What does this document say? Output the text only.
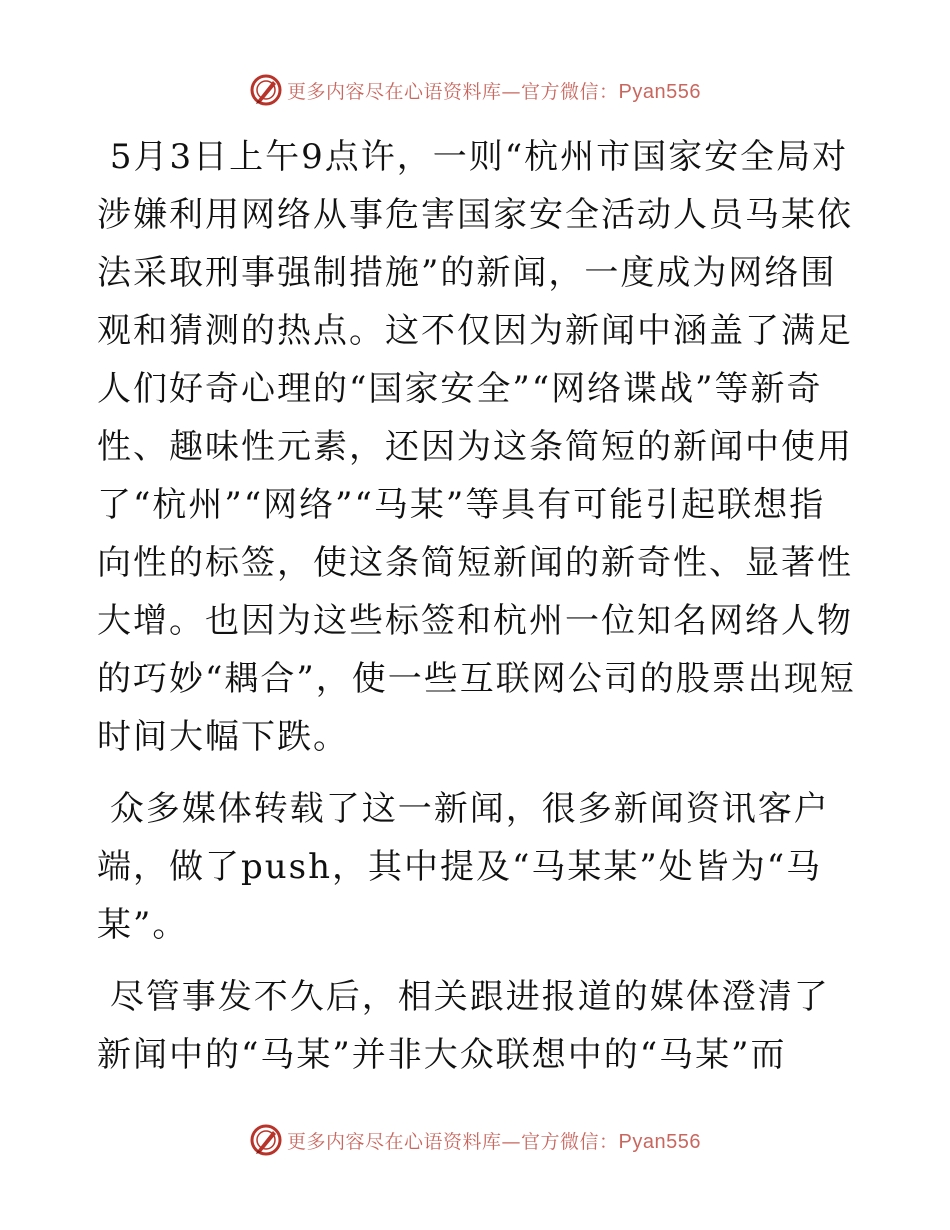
更多内容尽在心语资料库—官方微信：Pyan556

5月3日上午9点许，一则“杭州市国家安全局对涉嫌利用网络从事危害国家安全活动人员马某依法采取刑事强制措施”的新闻，一度成为网络围观和猜测的热点。这不仅因为新闻中涵盖了满足人们好奇心理的“国家安全”“网络谍战”等新奇性、趣味性元素，还因为这条简短的新闻中使用了“杭州”“网络”“马某”等具有可能引起联想指向性的标签，使这条简短新闻的新奇性、显著性大增。也因为这些标签和杭州一位知名网络人物的巧妙“耦合”，使一些互联网公司的股票出现短时间大幅下跌。

众多媒体转载了这一新闻，很多新闻资讯客户端，做了push，其中提及“马某某”处皆为“马某”。

尽管事发不久后，相关跟进报道的媒体澄清了新闻中的“马某”并非大众联想中的“马某”而

更多内容尽在心语资料库—官方微信：Pyan556
